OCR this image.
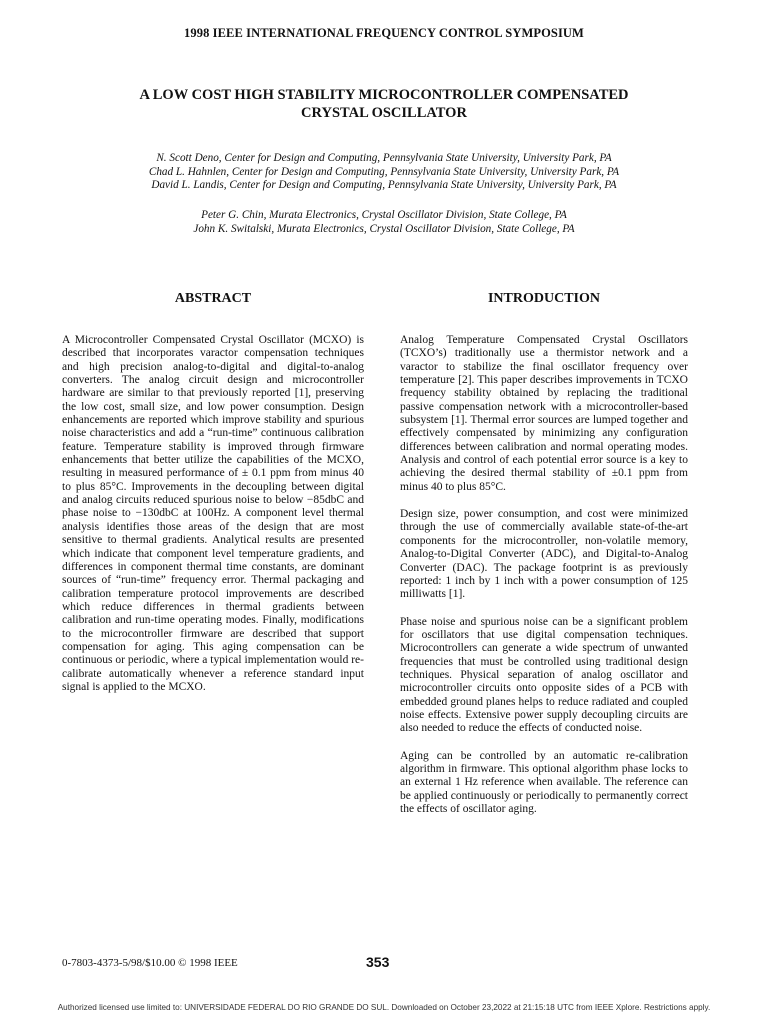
1998 IEEE INTERNATIONAL FREQUENCY CONTROL SYMPOSIUM
A LOW COST HIGH STABILITY MICROCONTROLLER COMPENSATED
CRYSTAL OSCILLATOR
N. Scott Deno, Center for Design and Computing, Pennsylvania State University, University Park, PA
Chad L. Hahnlen, Center for Design and Computing, Pennsylvania State University, University Park, PA
David L. Landis, Center for Design and Computing, Pennsylvania State University, University Park, PA
Peter G. Chin, Murata Electronics, Crystal Oscillator Division, State College, PA
John K. Switalski, Murata Electronics, Crystal Oscillator Division, State College, PA
ABSTRACT	INTRODUCTION

A Microcontroller Compensated Crystal Oscillator (MCXO) is described that incorporates varactor compensation techniques and high precision analog-to-digital and digital-to-analog converters. The analog circuit design and microcontroller hardware are similar to that previously reported [1], preserving the low cost, small size, and low power consumption. Design enhancements are reported which improve stability and spurious noise characteristics and add a “run-time” continuous calibration feature. Temperature stability is improved through firmware enhancements that better utilize the capabilities of the MCXO, resulting in measured performance of ± 0.1 ppm from minus 40 to plus 85°C. Improvements in the decoupling between digital and analog circuits reduced spurious noise to below −85dbC and phase noise to −130dbC at 100Hz. A component level thermal analysis identifies those areas of the design that are most sensitive to thermal gradients. Analytical results are presented which indicate that component level temperature gradients, and differences in component thermal time constants, are dominant sources of “run-time” frequency error. Thermal packaging and calibration temperature protocol improvements are described which reduce differences in thermal gradients between calibration and run-time operating modes. Finally, modifications to the microcontroller firmware are described that support compensation for aging. This aging compensation can be continuous or periodic, where a typical implementation would re-calibrate automatically whenever a reference standard input signal is applied to the MCXO.

Analog Temperature Compensated Crystal Oscillators (TCXO’s) traditionally use a thermistor network and a varactor to stabilize the final oscillator frequency over temperature [2]. This paper describes improvements in TCXO frequency stability obtained by replacing the traditional passive compensation network with a microcontroller-based subsystem [1]. Thermal error sources are lumped together and effectively compensated by minimizing any configuration differences between calibration and normal operating modes. Analysis and control of each potential error source is a key to achieving the desired thermal stability of ±0.1 ppm from minus 40 to plus 85°C.

Design size, power consumption, and cost were minimized through the use of commercially available state-of-the-art components for the microcontroller, non-volatile memory, Analog-to-Digital Converter (ADC), and Digital-to-Analog Converter (DAC). The package footprint is as previously reported: 1 inch by 1 inch with a power consumption of 125 milliwatts [1].

Phase noise and spurious noise can be a significant problem for oscillators that use digital compensation techniques. Microcontrollers can generate a wide spectrum of unwanted frequencies that must be controlled using traditional design techniques. Physical separation of analog oscillator and microcontroller circuits onto opposite sides of a PCB with embedded ground planes helps to reduce radiated and coupled noise effects. Extensive power supply decoupling circuits are also needed to reduce the effects of conducted noise.

Aging can be controlled by an automatic re-calibration algorithm in firmware. This optional algorithm phase locks to an external 1 Hz reference when available. The reference can be applied continuously or periodically to permanently correct the effects of oscillator aging.

0-7803-4373-5/98/$10.00 © 1998 IEEE	353
Authorized licensed use limited to: UNIVERSIDADE FEDERAL DO RIO GRANDE DO SUL. Downloaded on October 23,2022 at 21:15:18 UTC from IEEE Xplore. Restrictions apply.
